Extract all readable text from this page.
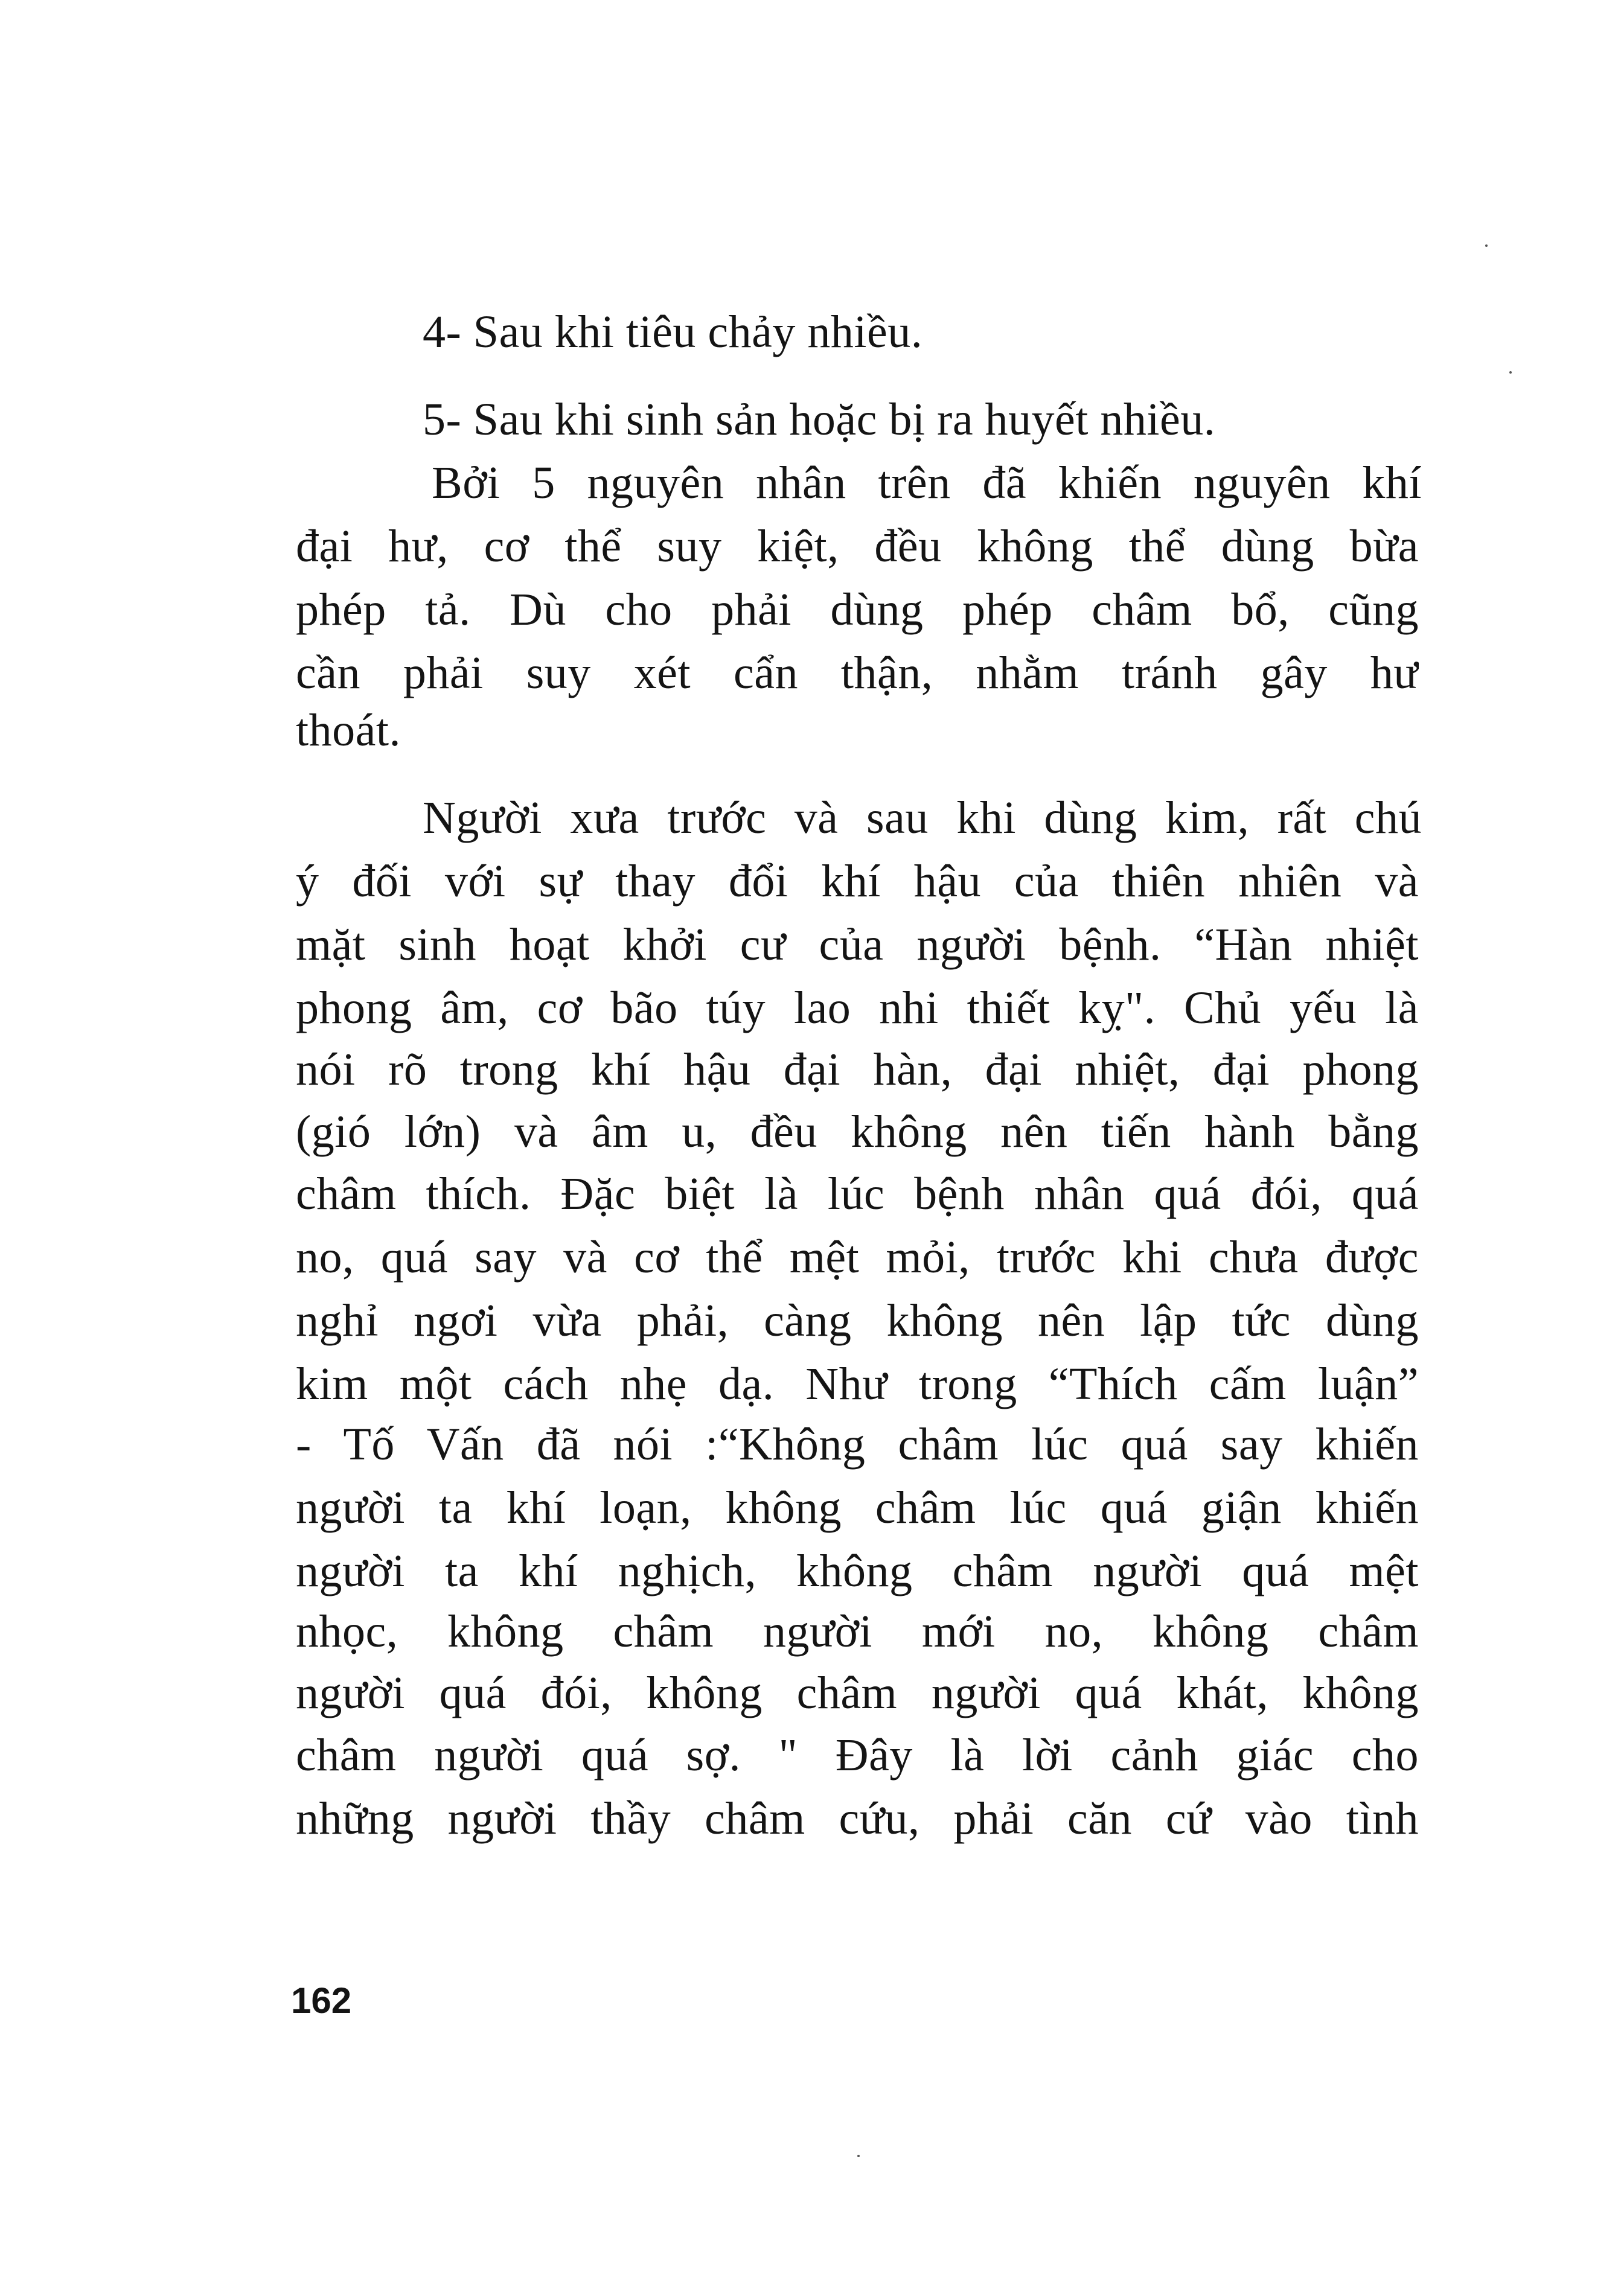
4- Sau khi tiêu chảy nhiều.
5- Sau khi sinh sản hoặc bị ra huyết nhiều.
Bởi 5 nguyên nhân trên đã khiến nguyên khí
đại hư, cơ thể suy kiệt, đều không thể dùng bừa
phép tả. Dù cho phải dùng phép châm bổ, cũng
cần phải suy xét cẩn thận, nhằm tránh gây hư
thoát.
Người xưa trước và sau khi dùng kim, rất chú
ý đối với sự thay đổi khí hậu của thiên nhiên và
mặt sinh hoạt khởi cư của người bệnh. “Hàn nhiệt
phong âm, cơ bão túy lao nhi thiết kỵ". Chủ yếu là
nói rõ trong khí hậu đại hàn, đại nhiệt, đại phong
(gió lớn) và âm u, đều không nên tiến hành bằng
châm thích. Đặc biệt là lúc bệnh nhân quá đói, quá
no, quá say và cơ thể mệt mỏi, trước khi chưa được
nghỉ ngơi vừa phải, càng không nên lập tức dùng
kim một cách nhẹ dạ. Như trong “Thích cấm luận”
- Tố Vấn đã nói :“Không châm lúc quá say khiến
người ta khí loạn, không châm lúc quá giận khiến
người ta khí nghịch, không châm người quá mệt
nhọc, không châm người mới no, không châm
người quá đói, không châm người quá khát, không
châm người quá sợ. " Đây là lời cảnh giác cho
những người thầy châm cứu, phải căn cứ vào tình
162
